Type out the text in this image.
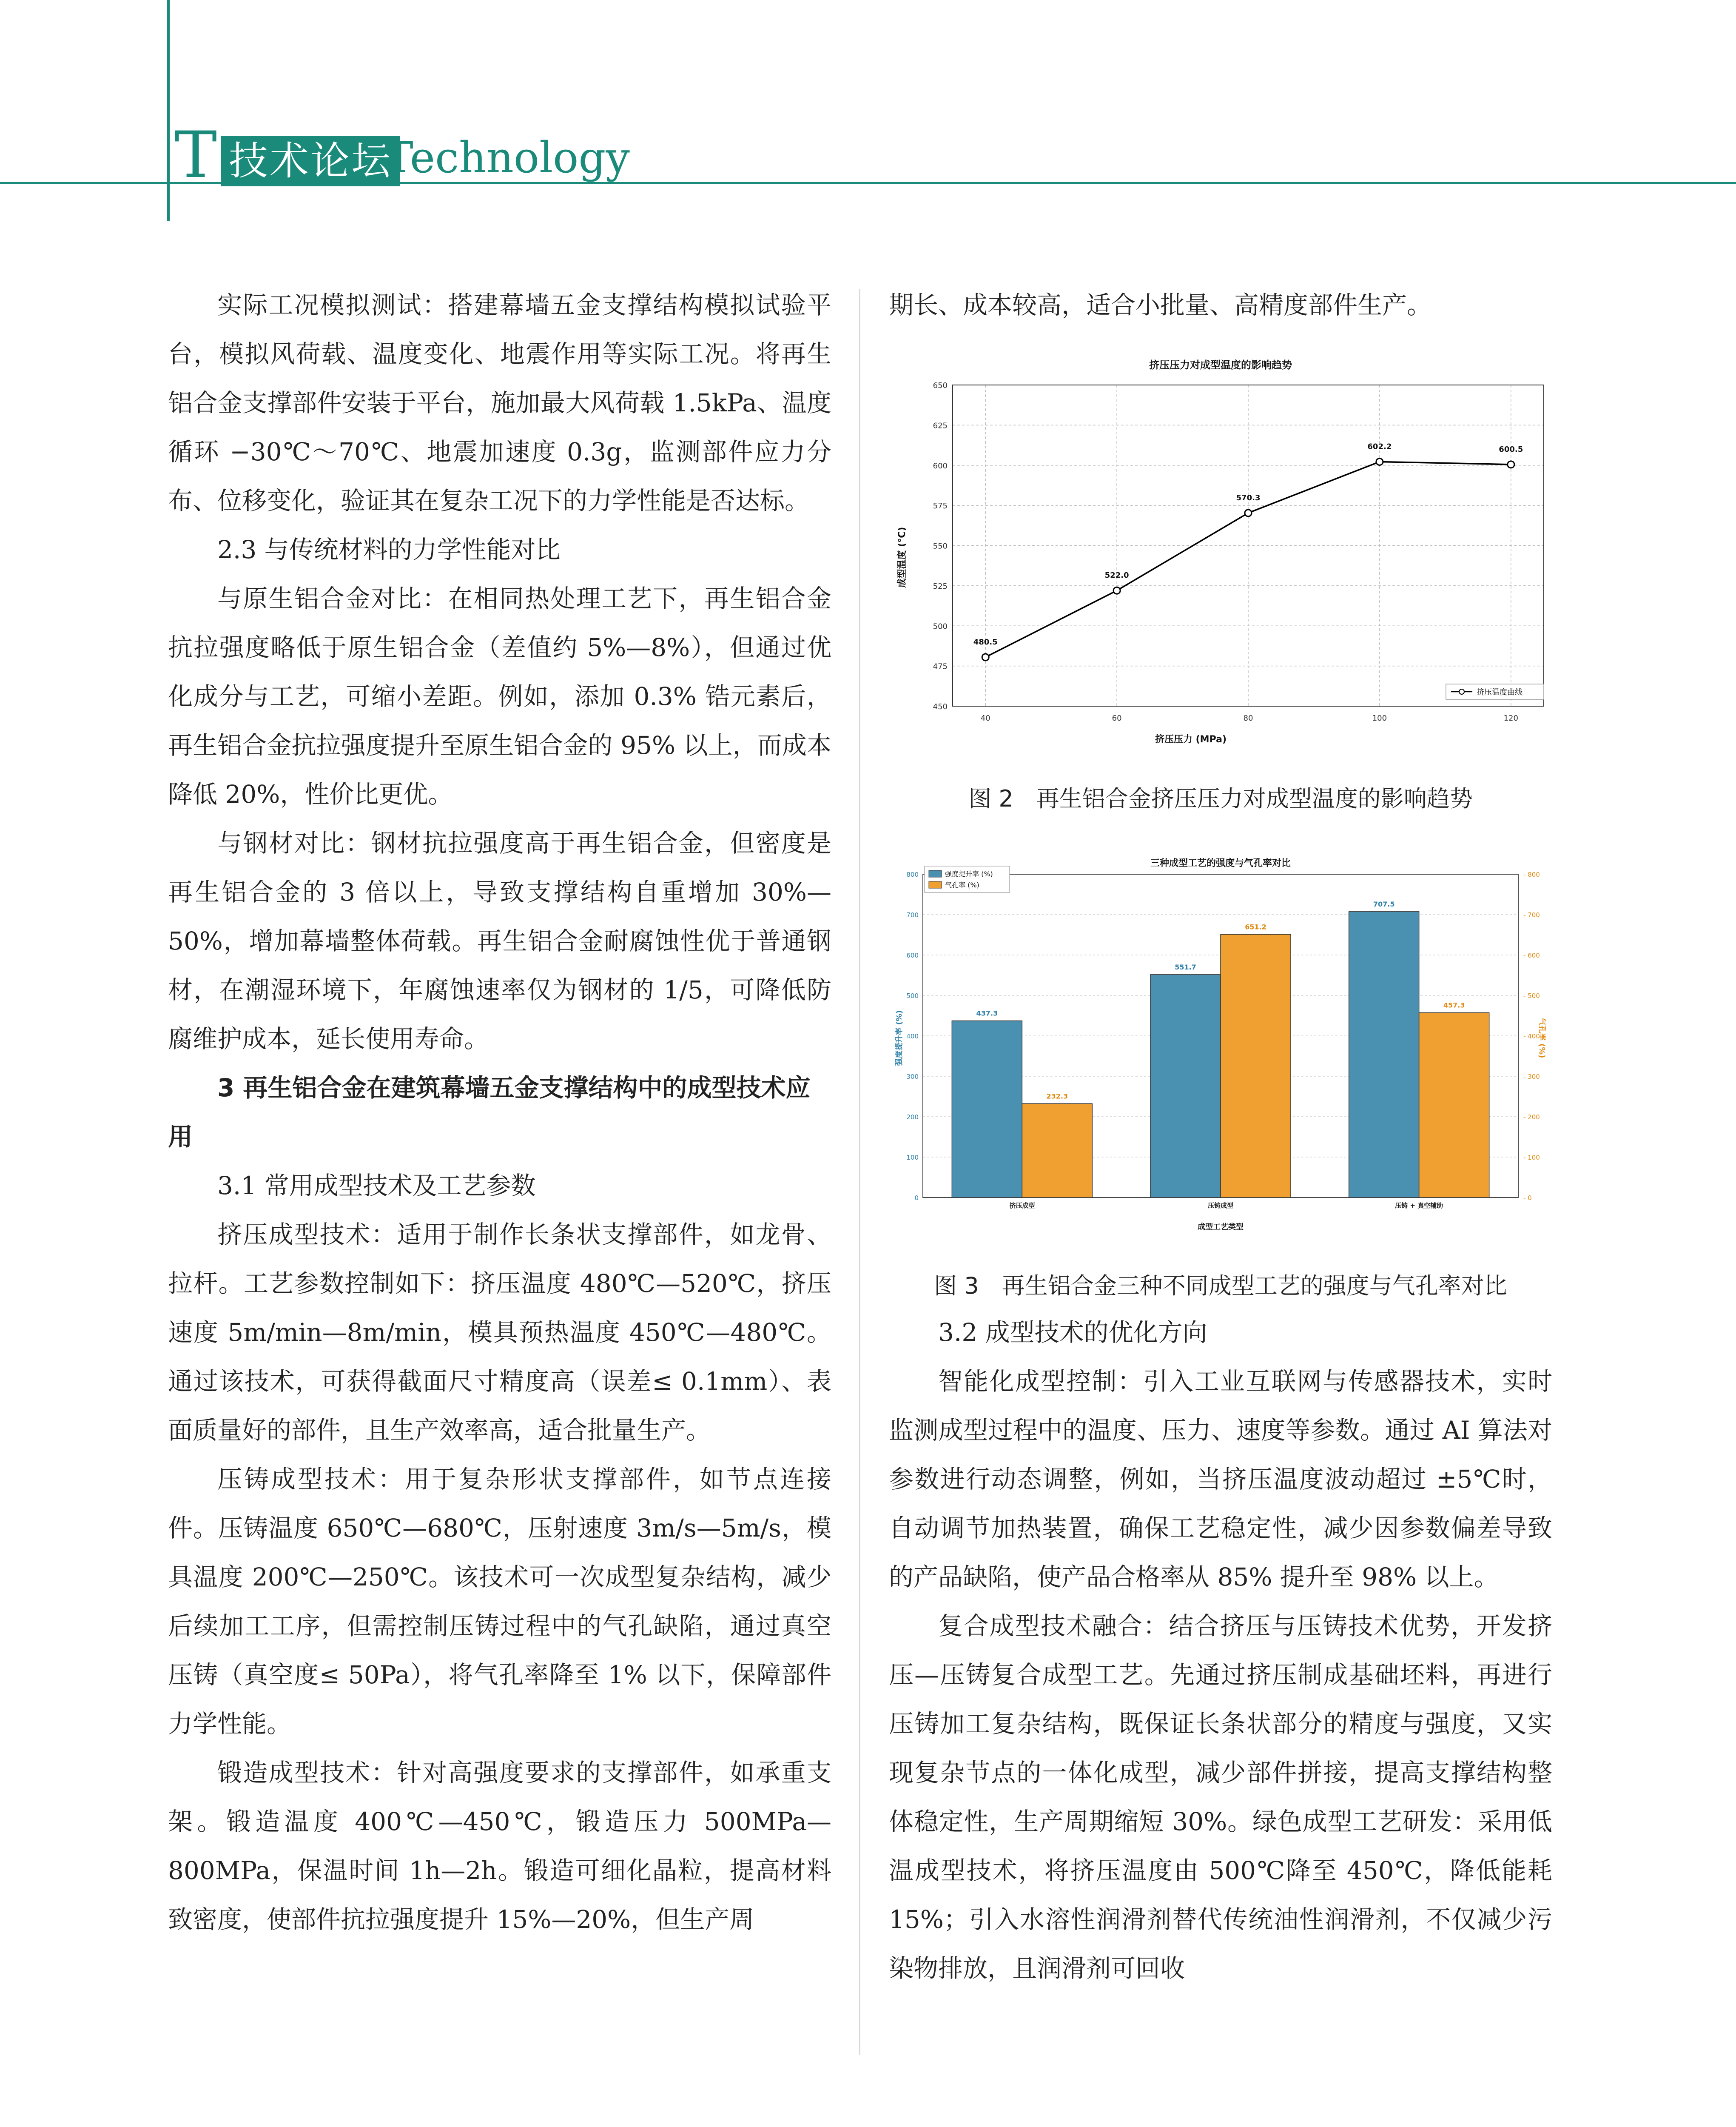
T 技术论坛
Technology

实际工况模拟测试：搭建幕墙五金支撑结构模拟试验平台，模拟风荷载、温度变化、地震作用等实际工况。将再生铝合金支撑部件安装于平台，施加最大风荷载 1.5kPa、温度循环 −30℃～70℃、地震加速度 0.3g，监测部件应力分布、位移变化，验证其在复杂工况下的力学性能是否达标。

2.3 与传统材料的力学性能对比

与原生铝合金对比：在相同热处理工艺下，再生铝合金抗拉强度略低于原生铝合金（差值约 5%—8%），但通过优化成分与工艺，可缩小差距。例如，添加 0.3% 锆元素后，再生铝合金抗拉强度提升至原生铝合金的 95% 以上，而成本降低 20%，性价比更优。

与钢材对比：钢材抗拉强度高于再生铝合金，但密度是再生铝合金的 3 倍以上，导致支撑结构自重增加 30%—50%，增加幕墙整体荷载。再生铝合金耐腐蚀性优于普通钢材，在潮湿环境下，年腐蚀速率仅为钢材的 1/5，可降低防腐维护成本，延长使用寿命。

3 再生铝合金在建筑幕墙五金支撑结构中的成型技术应用

3.1 常用成型技术及工艺参数

挤压成型技术：适用于制作长条状支撑部件，如龙骨、拉杆。工艺参数控制如下：挤压温度 480℃—520℃，挤压速度 5m/min—8m/min，模具预热温度 450℃—480℃。通过该技术，可获得截面尺寸精度高（误差≤ 0.1mm）、表面质量好的部件，且生产效率高，适合批量生产。

压铸成型技术：用于复杂形状支撑部件，如节点连接件。压铸温度 650℃—680℃，压射速度 3m/s—5m/s，模具温度 200℃—250℃。该技术可一次成型复杂结构，减少后续加工工序，但需控制压铸过程中的气孔缺陷，通过真空压铸（真空度≤ 50Pa），将气孔率降至 1% 以下，保障部件力学性能。

锻造成型技术：针对高强度要求的支撑部件，如承重支架。锻造温度 400℃—450℃，锻造压力 500MPa—800MPa，保温时间 1h—2h。锻造可细化晶粒，提高材料致密度，使部件抗拉强度提升 15%—20%，但生产周

期长、成本较高，适合小批量、高精度部件生产。

挤压压力对成型温度的影响趋势
450
475
500
525
550
575
600
625
650
40	60	80	100	120
挤压压力 (MPa)
成型温度 (°C)
480.5
522.0
570.3
602.2	600.5
挤压温度曲线
图 2　再生铝合金挤压压力对成型温度的影响趋势
三种成型工艺的强度与气孔率对比
0	- 0
100	- 100
200	- 200
300	- 300
400	- 400
500	- 500
600	- 600
700	- 700
800	- 800
挤压成型	压铸成型	压铸 + 真空辅助
强度提升率 (%)	气孔率 (%)
成型工艺类型
437.3
232.3
551.7
651.2
707.5
457.3
强度提升率 (%)
气孔率 (%)
图 3　再生铝合金三种不同成型工艺的强度与气孔率对比

3.2 成型技术的优化方向

智能化成型控制：引入工业互联网与传感器技术，实时监测成型过程中的温度、压力、速度等参数。通过 AI 算法对参数进行动态调整，例如，当挤压温度波动超过 ±5℃时，自动调节加热装置，确保工艺稳定性，减少因参数偏差导致的产品缺陷，使产品合格率从 85% 提升至 98% 以上。

复合成型技术融合：结合挤压与压铸技术优势，开发挤压—压铸复合成型工艺。先通过挤压制成基础坯料，再进行压铸加工复杂结构，既保证长条状部分的精度与强度，又实现复杂节点的一体化成型，减少部件拼接，提高支撑结构整体稳定性，生产周期缩短 30%。绿色成型工艺研发：采用低温成型技术，将挤压温度由 500℃降至 450℃，降低能耗 15%；引入水溶性润滑剂替代传统油性润滑剂，不仅减少污染物排放，且润滑剂可回收
